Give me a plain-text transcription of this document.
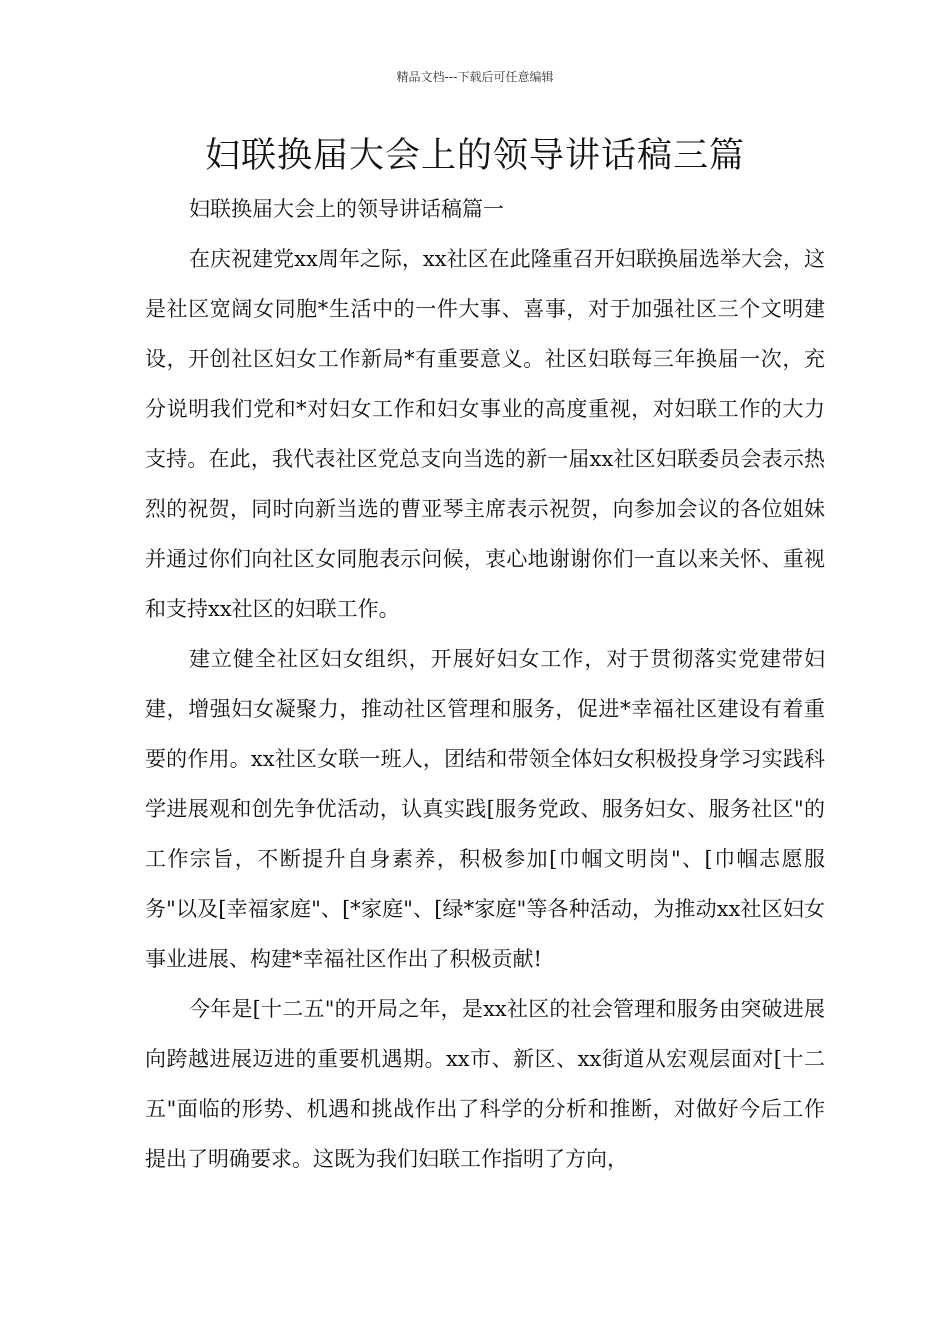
精品文档---下载后可任意编辑
妇联换届大会上的领导讲话稿三篇

妇联换届大会上的领导讲话稿篇一

在庆祝建党xx周年之际，xx社区在此隆重召开妇联换届选举大会，这是社区宽阔女同胞*生活中的一件大事、喜事，对于加强社区三个文明建设，开创社区妇女工作新局*有重要意义。社区妇联每三年换届一次，充分说明我们党和*对妇女工作和妇女事业的高度重视，对妇联工作的大力支持。在此，我代表社区党总支向当选的新一届xx社区妇联委员会表示热烈的祝贺，同时向新当选的曹亚琴主席表示祝贺，向参加会议的各位姐妹并通过你们向社区女同胞表示问候，衷心地谢谢你们一直以来关怀、重视和支持xx社区的妇联工作。

建立健全社区妇女组织，开展好妇女工作，对于贯彻落实党建带妇建，增强妇女凝聚力，推动社区管理和服务，促进*幸福社区建设有着重要的作用。xx社区女联一班人，团结和带领全体妇女积极投身学习实践科学进展观和创先争优活动，认真实践[服务党政、服务妇女、服务社区"的工作宗旨，不断提升自身素养，积极参加[巾帼文明岗"、[巾帼志愿服务"以及[幸福家庭"、[*家庭"、[绿*家庭"等各种活动，为推动xx社区妇女事业进展、构建*幸福社区作出了积极贡献!

今年是[十二五"的开局之年，是xx社区的社会管理和服务由突破进展向跨越进展迈进的重要机遇期。xx市、新区、xx街道从宏观层面对[十二五"面临的形势、机遇和挑战作出了科学的分析和推断，对做好今后工作提出了明确要求。这既为我们妇联工作指明了方向，
